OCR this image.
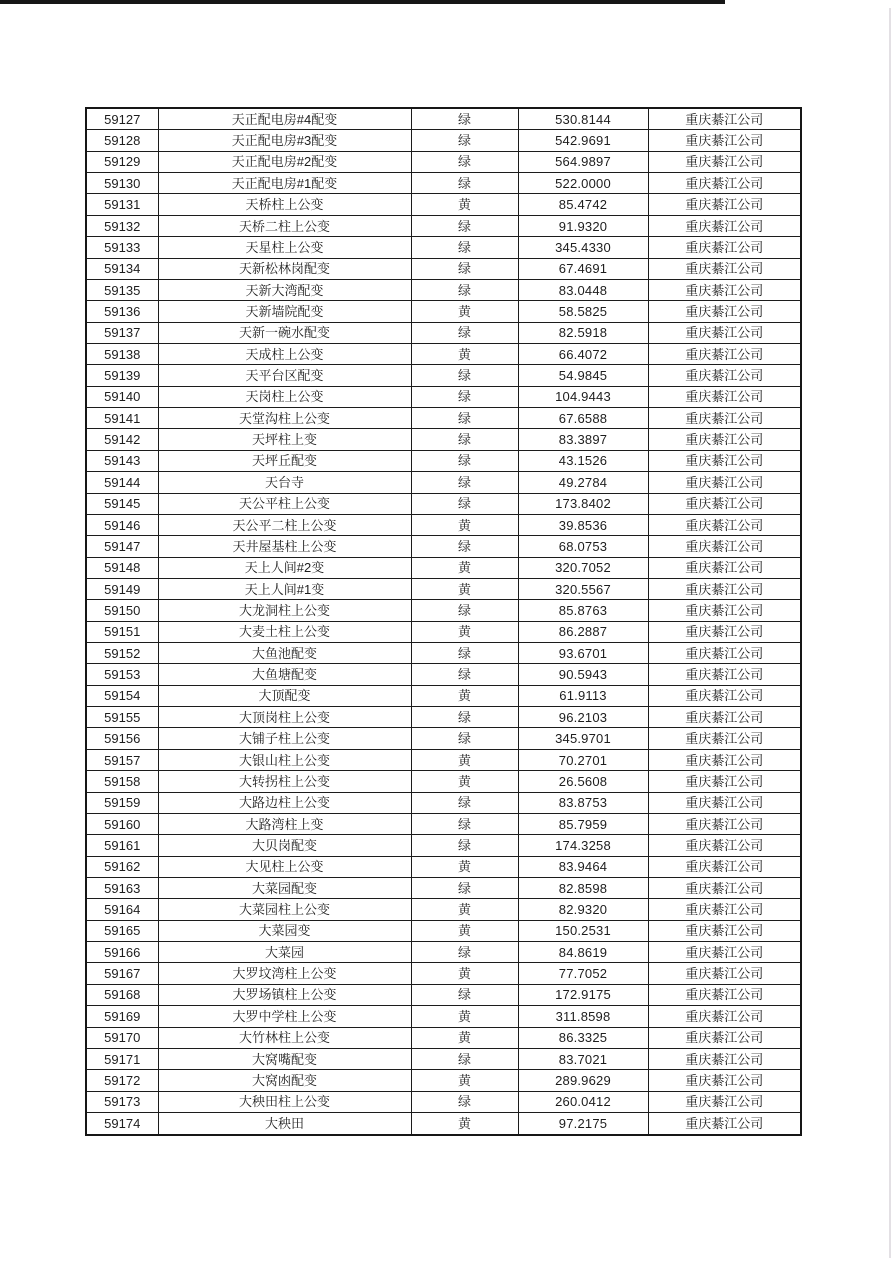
59127	天正配电房#4配变	绿	530.8144	重庆綦江公司
59128	天正配电房#3配变	绿	542.9691	重庆綦江公司
59129	天正配电房#2配变	绿	564.9897	重庆綦江公司
59130	天正配电房#1配变	绿	522.0000	重庆綦江公司
59131	天桥柱上公变	黄	85.4742	重庆綦江公司
59132	天桥二柱上公变	绿	91.9320	重庆綦江公司
59133	天星柱上公变	绿	345.4330	重庆綦江公司
59134	天新松林岗配变	绿	67.4691	重庆綦江公司
59135	天新大湾配变	绿	83.0448	重庆綦江公司
59136	天新墙院配变	黄	58.5825	重庆綦江公司
59137	天新一碗水配变	绿	82.5918	重庆綦江公司
59138	天成柱上公变	黄	66.4072	重庆綦江公司
59139	天平台区配变	绿	54.9845	重庆綦江公司
59140	天岗柱上公变	绿	104.9443	重庆綦江公司
59141	天堂沟柱上公变	绿	67.6588	重庆綦江公司
59142	天坪柱上变	绿	83.3897	重庆綦江公司
59143	天坪丘配变	绿	43.1526	重庆綦江公司
59144	天台寺	绿	49.2784	重庆綦江公司
59145	天公平柱上公变	绿	173.8402	重庆綦江公司
59146	天公平二柱上公变	黄	39.8536	重庆綦江公司
59147	天井屋基柱上公变	绿	68.0753	重庆綦江公司
59148	天上人间#2变	黄	320.7052	重庆綦江公司
59149	天上人间#1变	黄	320.5567	重庆綦江公司
59150	大龙洞柱上公变	绿	85.8763	重庆綦江公司
59151	大麦土柱上公变	黄	86.2887	重庆綦江公司
59152	大鱼池配变	绿	93.6701	重庆綦江公司
59153	大鱼塘配变	绿	90.5943	重庆綦江公司
59154	大顶配变	黄	61.9113	重庆綦江公司
59155	大顶岗柱上公变	绿	96.2103	重庆綦江公司
59156	大铺子柱上公变	绿	345.9701	重庆綦江公司
59157	大银山柱上公变	黄	70.2701	重庆綦江公司
59158	大转拐柱上公变	黄	26.5608	重庆綦江公司
59159	大路边柱上公变	绿	83.8753	重庆綦江公司
59160	大路湾柱上变	绿	85.7959	重庆綦江公司
59161	大贝岗配变	绿	174.3258	重庆綦江公司
59162	大见柱上公变	黄	83.9464	重庆綦江公司
59163	大菜园配变	绿	82.8598	重庆綦江公司
59164	大菜园柱上公变	黄	82.9320	重庆綦江公司
59165	大菜园变	黄	150.2531	重庆綦江公司
59166	大菜园	绿	84.8619	重庆綦江公司
59167	大罗坟湾柱上公变	黄	77.7052	重庆綦江公司
59168	大罗场镇柱上公变	绿	172.9175	重庆綦江公司
59169	大罗中学柱上公变	黄	311.8598	重庆綦江公司
59170	大竹林柱上公变	黄	86.3325	重庆綦江公司
59171	大窝嘴配变	绿	83.7021	重庆綦江公司
59172	大窝凼配变	黄	289.9629	重庆綦江公司
59173	大秧田柱上公变	绿	260.0412	重庆綦江公司
59174	大秧田	黄	97.2175	重庆綦江公司
